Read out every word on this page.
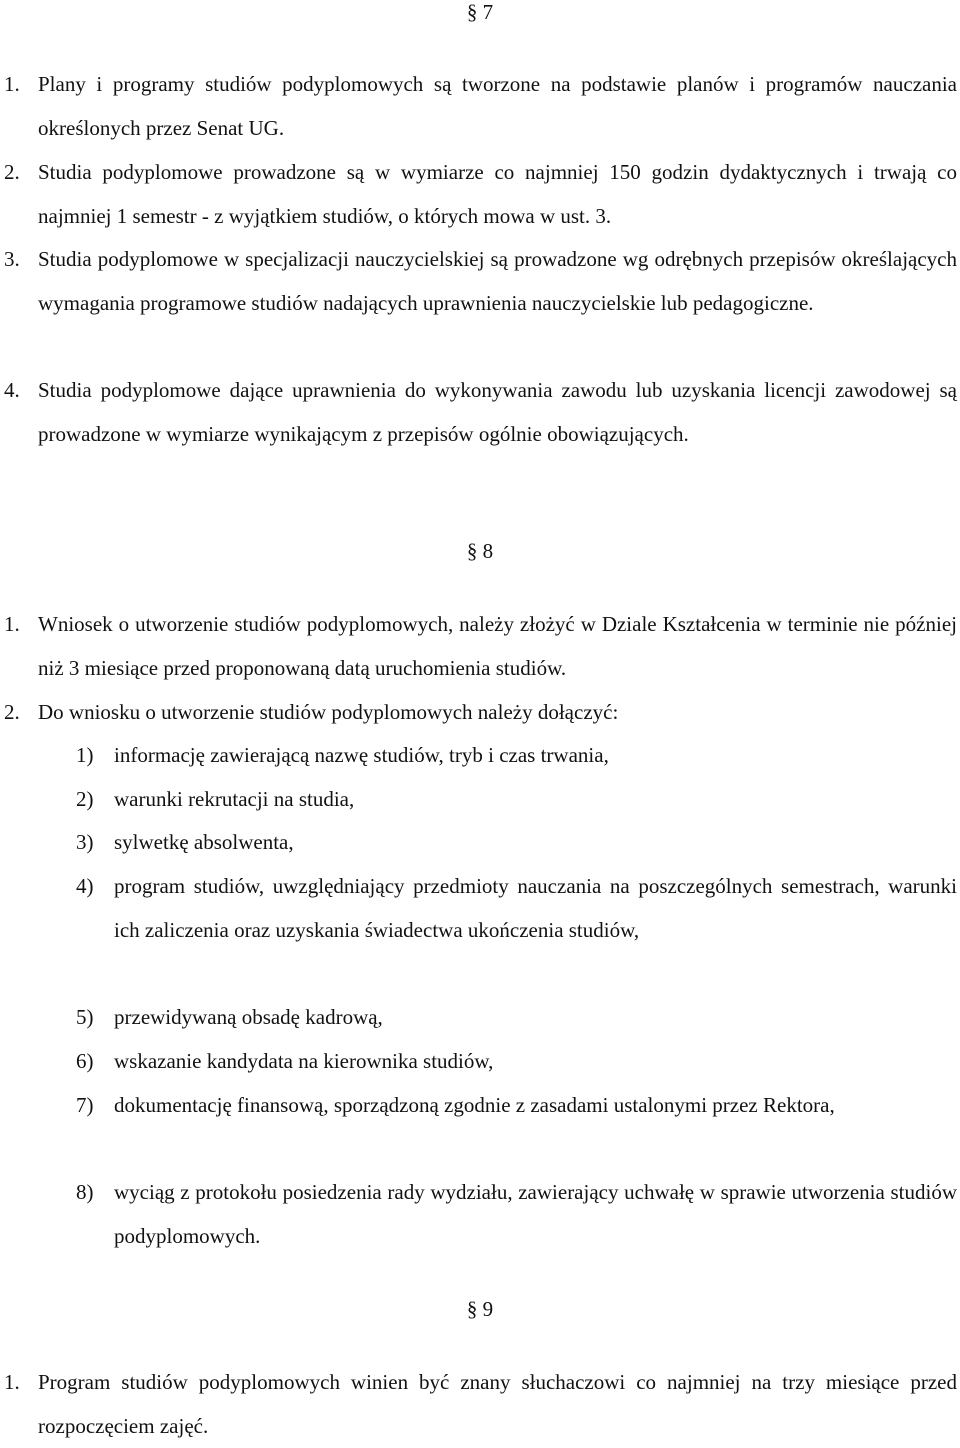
§ 7
1. Plany i programy studiów podyplomowych są tworzone na podstawie planów i programów nauczania określonych przez Senat UG.
2. Studia podyplomowe prowadzone są w wymiarze co najmniej 150 godzin dydaktycznych i trwają co najmniej 1 semestr - z wyjątkiem studiów, o których mowa w ust. 3.
3. Studia podyplomowe w specjalizacji nauczycielskiej są prowadzone wg odrębnych przepisów określających wymagania programowe studiów nadających uprawnienia nauczycielskie lub pedagogiczne.
4. Studia podyplomowe dające uprawnienia do wykonywania zawodu lub uzyskania licencji zawodowej są prowadzone w wymiarze wynikającym z przepisów ogólnie obowiązujących.
§ 8
1. Wniosek o utworzenie studiów podyplomowych, należy złożyć w Dziale Kształcenia w terminie nie później niż 3 miesiące przed proponowaną datą uruchomienia studiów.
2. Do wniosku o utworzenie studiów podyplomowych należy dołączyć:
1) informację zawierającą nazwę studiów, tryb i czas trwania,
2) warunki rekrutacji na studia,
3) sylwetkę absolwenta,
4) program studiów, uwzględniający przedmioty nauczania na poszczególnych semestrach, warunki ich zaliczenia oraz uzyskania świadectwa ukończenia studiów,
5) przewidywaną obsadę kadrową,
6) wskazanie kandydata na kierownika studiów,
7) dokumentację finansową, sporządzoną zgodnie z zasadami ustalonymi przez Rektora,
8) wyciąg z protokołu posiedzenia rady wydziału, zawierający uchwałę w sprawie utworzenia studiów podyplomowych.
§ 9
1. Program studiów podyplomowych winien być znany słuchaczowi co najmniej na trzy miesiące przed rozpoczęciem zajęć.
